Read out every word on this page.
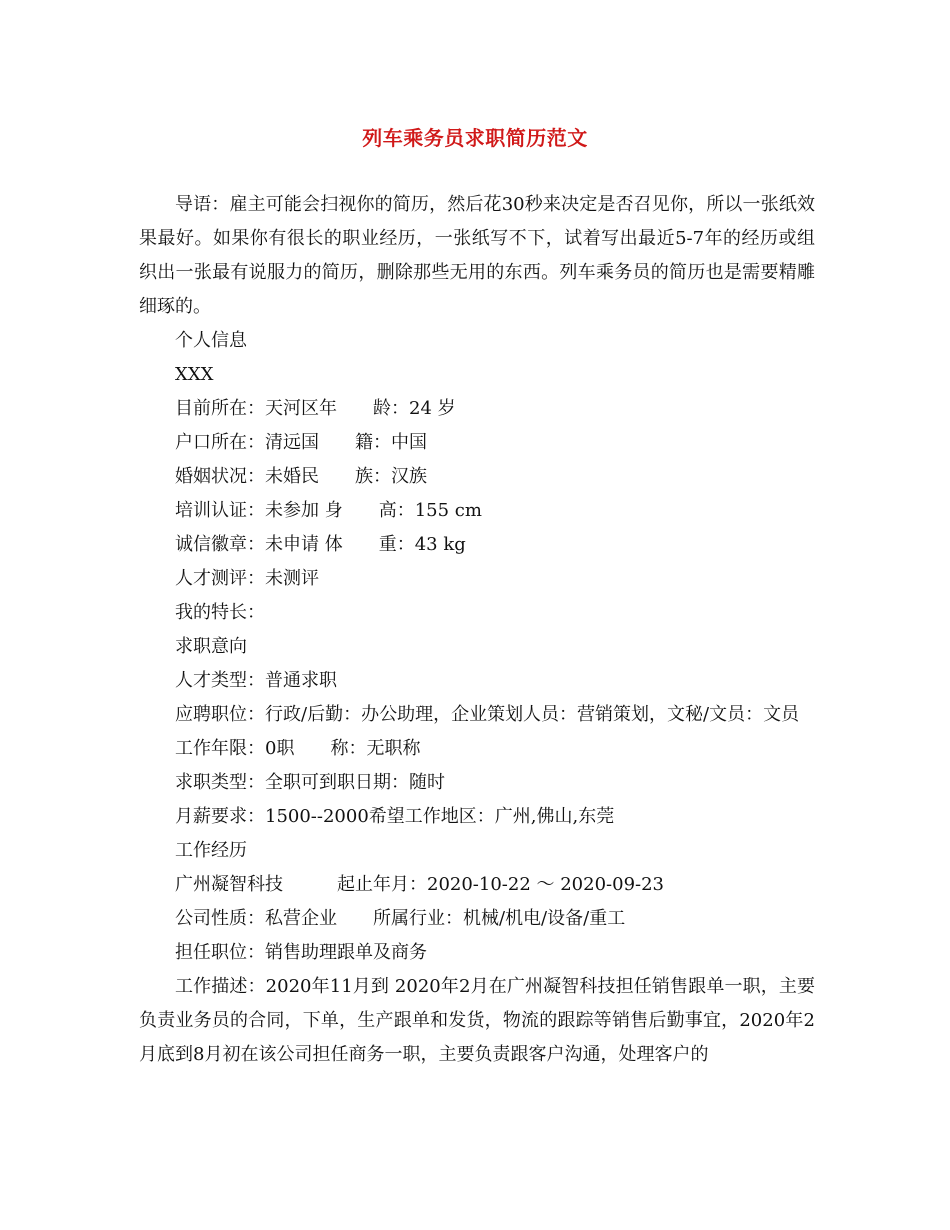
列车乘务员求职简历范文

导语：雇主可能会扫视你的简历，然后花30秒来决定是否召见你，所以一张纸效果最好。如果你有很长的职业经历，一张纸写不下，试着写出最近5-7年的经历或组织出一张最有说服力的简历，删除那些无用的东西。列车乘务员的简历也是需要精雕细琢的。

个人信息

XXX

目前所在：天河区年　　龄：24 岁

户口所在：清远国　　籍：中国

婚姻状况：未婚民　　族：汉族

培训认证：未参加 身　　高：155 cm

诚信徽章：未申请 体　　重：43 kg

人才测评：未测评

我的特长：

求职意向

人才类型：普通求职

应聘职位：行政/后勤：办公助理，企业策划人员：营销策划，文秘/文员：文员

工作年限：0职　　称：无职称

求职类型：全职可到职日期：随时

月薪要求：1500--2000希望工作地区：广州,佛山,东莞

工作经历

广州凝智科技　　　起止年月：2020-10-22 ～ 2020-09-23

公司性质：私营企业　　所属行业：机械/机电/设备/重工

担任职位：销售助理跟单及商务

工作描述：2020年11月到 2020年2月在广州凝智科技担任销售跟单一职，主要负责业务员的合同，下单，生产跟单和发货，物流的跟踪等销售后勤事宜，2020年2月底到8月初在该公司担任商务一职，主要负责跟客户沟通，处理客户的
